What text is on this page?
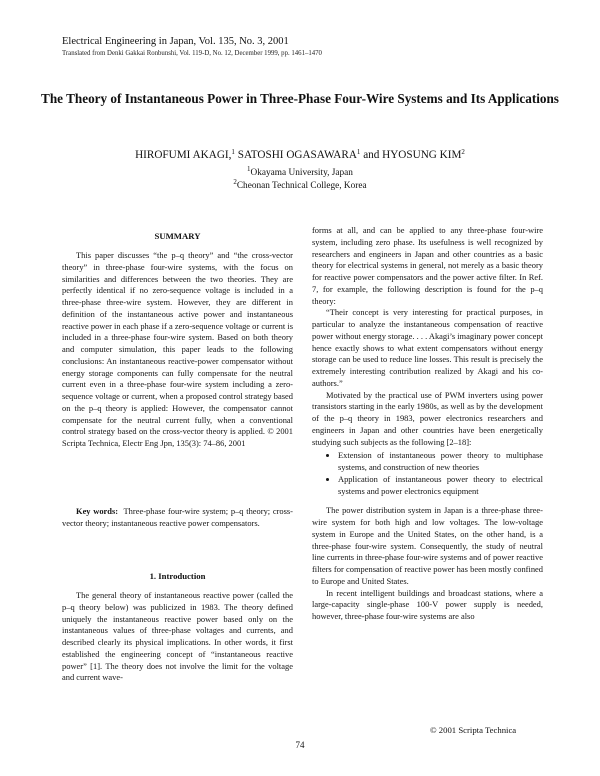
Electrical Engineering in Japan, Vol. 135, No. 3, 2001
Translated from Denki Gakkai Ronbunshi, Vol. 119-D, No. 12, December 1999, pp. 1461–1470
The Theory of Instantaneous Power in Three-Phase Four-Wire Systems and Its Applications
HIROFUMI AKAGI,$^1$ SATOSHI OGASAWARA$^1$ and HYOSUNG KIM$^2$
$^1$Okayama University, Japan
$^2$Cheonan Technical College, Korea
SUMMARY

This paper discusses “the p–q theory” and “the cross-vector theory” in three-phase four-wire systems, with the focus on similarities and differences between the two theories. They are perfectly identical if no zero-sequence voltage is included in a three-phase three-wire system. However, they are different in definition of the instantaneous active power and instantaneous reactive power in each phase if a zero-sequence voltage or current is included in a three-phase four-wire system. Based on both theory and computer simulation, this paper leads to the following conclusions: An instantaneous reactive-power compensator without energy storage components can fully compensate for the neutral current even in a three-phase four-wire system including a zero-sequence voltage or current, when a proposed control strategy based on the p–q theory is applied: However, the compensator cannot compensate for the neutral current fully, when a conventional control strategy based on the cross-vector theory is applied. © 2001 Scripta Technica, Electr Eng Jpn, 135(3): 74–86, 2001

Key words: Three-phase four-wire system; p–q theory; cross-vector theory; instantaneous reactive power compensators.

1. Introduction

The general theory of instantaneous reactive power (called the p–q theory below) was publicized in 1983. The theory defined uniquely the instantaneous reactive power based only on the instantaneous values of three-phase voltages and currents, and described clearly its physical implications. In other words, it first established the engineering concept of “instantaneous reactive power” [1]. The theory does not involve the limit for the voltage and current wave-

forms at all, and can be applied to any three-phase four-wire system, including zero phase. Its usefulness is well recognized by researchers and engineers in Japan and other countries as a basic theory for electrical systems in general, not merely as a basic theory for reactive power compensators and the power active filter. In Ref. 7, for example, the following description is found for the p–q theory:

“Their concept is very interesting for practical purposes, in particular to analyze the instantaneous compensation of reactive power without energy storage. . . . Akagi’s imaginary power concept hence exactly shows to what extent compensators without energy storage can be used to reduce line losses. This result is precisely the extremely interesting contribution realized by Akagi and his co-authors.”

Motivated by the practical use of PWM inverters using power transistors starting in the early 1980s, as well as by the development of the p–q theory in 1983, power electronics researchers and engineers in Japan and other countries have been energetically studying such subjects as the following [2–18]:

• Extension of instantaneous power theory to multiphase systems, and construction of new theories
• Application of instantaneous power theory to electrical systems and power electronics equipment

The power distribution system in Japan is a three-phase three-wire system for both high and low voltages. The low-voltage system in Europe and the United States, on the other hand, is a three-phase four-wire system. Consequently, the study of neutral line currents in three-phase four-wire systems and of power reactive filters for compensation of reactive power has been mostly confined to Europe and United States.

In recent intelligent buildings and broadcast stations, where a large-capacity single-phase 100-V power supply is needed, however, three-phase four-wire systems are also

© 2001 Scripta Technica
74
